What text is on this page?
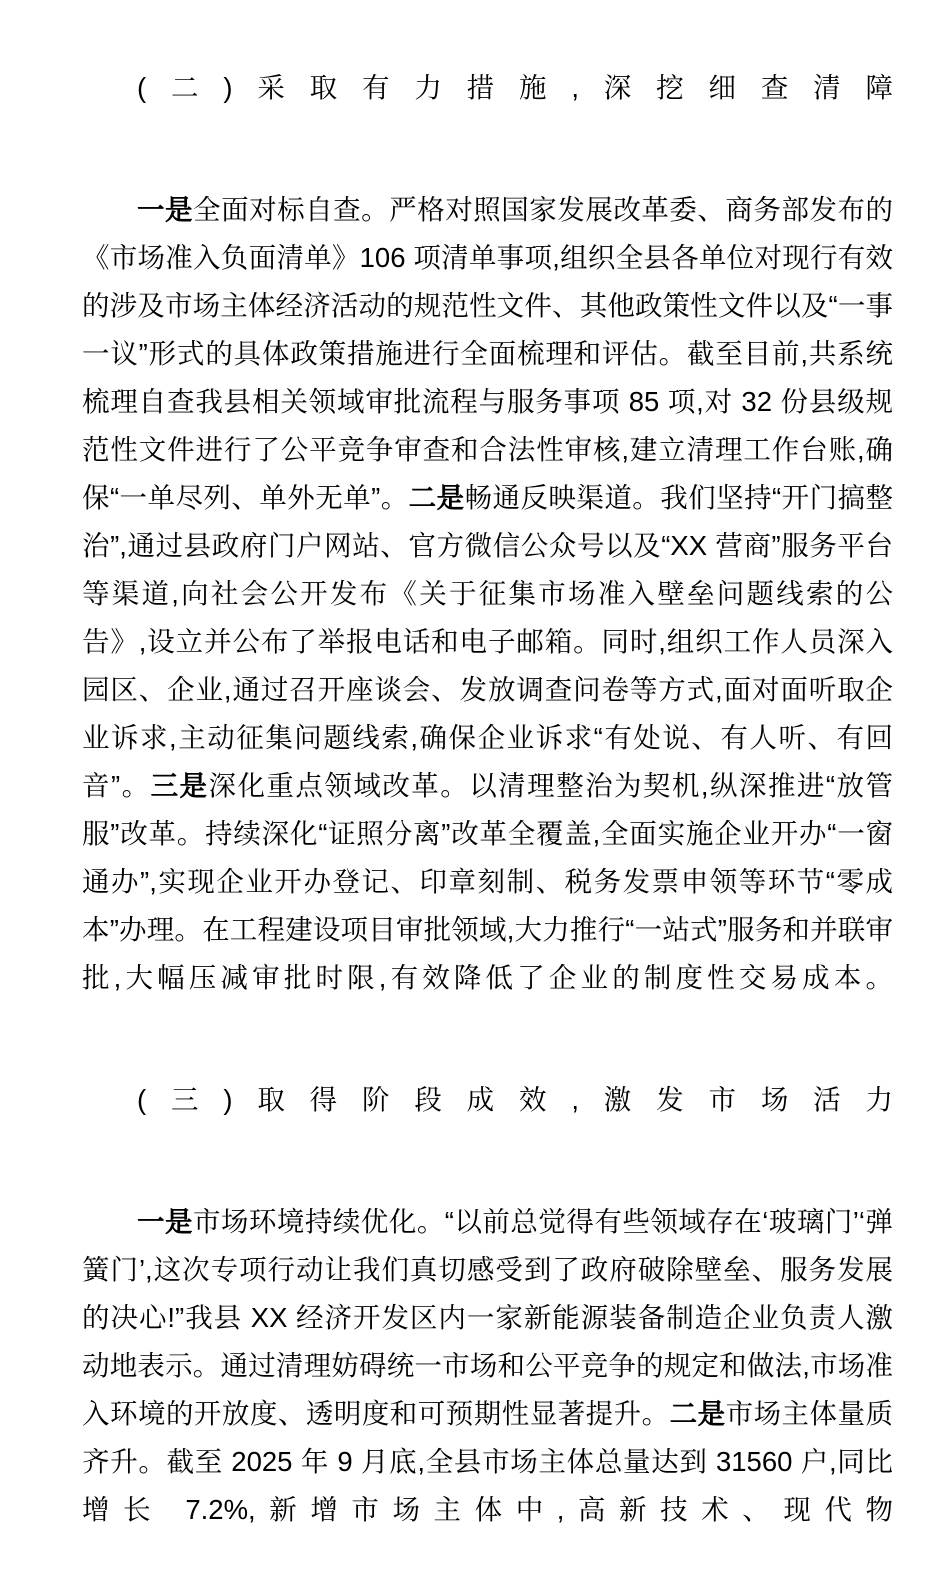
(二)采取有力措施,深挖细查清障

一是全面对标自查。严格对照国家发展改革委、商务部发布的《市场准入负面清单》106 项清单事项,组织全县各单位对现行有效的涉及市场主体经济活动的规范性文件、其他政策性文件以及“一事一议”形式的具体政策措施进行全面梳理和评估。截至目前,共系统梳理自查我县相关领域审批流程与服务事项 85 项,对 32 份县级规范性文件进行了公平竞争审查和合法性审核,建立清理工作台账,确保“一单尽列、单外无单”。二是畅通反映渠道。我们坚持“开门搞整治”,通过县政府门户网站、官方微信公众号以及“XX 营商”服务平台等渠道,向社会公开发布《关于征集市场准入壁垒问题线索的公告》,设立并公布了举报电话和电子邮箱。同时,组织工作人员深入园区、企业,通过召开座谈会、发放调查问卷等方式,面对面听取企业诉求,主动征集问题线索,确保企业诉求“有处说、有人听、有回音”。三是深化重点领域改革。以清理整治为契机,纵深推进“放管服”改革。持续深化“证照分离”改革全覆盖,全面实施企业开办“一窗通办”,实现企业开办登记、印章刻制、税务发票申领等环节“零成本”办理。在工程建设项目审批领域,大力推行“一站式”服务和并联审批,大幅压减审批时限,有效降低了企业的制度性交易成本。

(三)取得阶段成效,激发市场活力

一是市场环境持续优化。“以前总觉得有些领域存在‘玻璃门’‘弹簧门’,这次专项行动让我们真切感受到了政府破除壁垒、服务发展的决心!”我县 XX 经济开发区内一家新能源装备制造企业负责人激动地表示。通过清理妨碍统一市场和公平竞争的规定和做法,市场准入环境的开放度、透明度和可预期性显著提升。二是市场主体量质齐升。截至 2025 年 9 月底,全县市场主体总量达到 31560 户,同比增长 7.2%,新增市场主体中,高新技术、现代物
